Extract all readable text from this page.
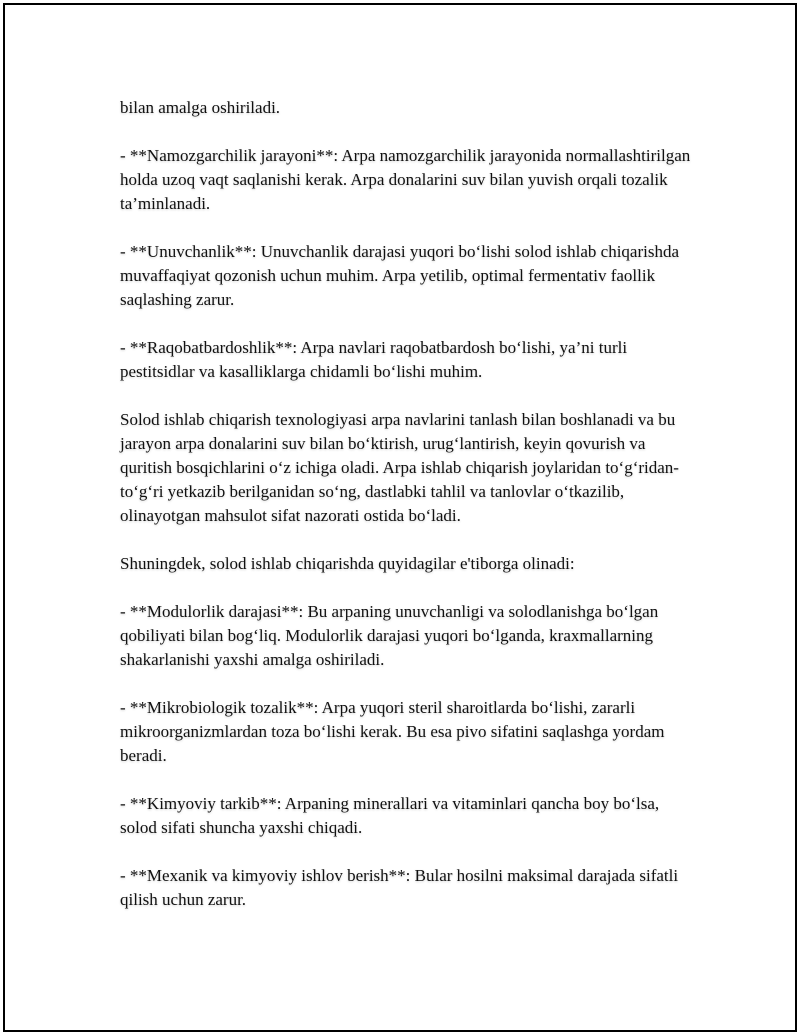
bilan amalga oshiriladi.

- **Namozgarchilik jarayoni**: Arpa namozgarchilik jarayonida normallashtirilgan holda uzoq vaqt saqlanishi kerak. Arpa donalarini suv bilan yuvish orqali tozalik ta’minlanadi.

- **Unuvchanlik**: Unuvchanlik darajasi yuqori bo‘lishi solod ishlab chiqarishda muvaffaqiyat qozonish uchun muhim. Arpa yetilib, optimal fermentativ faollik saqlashing zarur.

- **Raqobatbardoshlik**: Arpa navlari raqobatbardosh bo‘lishi, ya’ni turli pestitsidlar va kasalliklarga chidamli bo‘lishi muhim.

Solod ishlab chiqarish texnologiyasi arpa navlarini tanlash bilan boshlanadi va bu jarayon arpa donalarini suv bilan bo‘ktirish, urug‘lantirish, keyin qovurish va quritish bosqichlarini o‘z ichiga oladi. Arpa ishlab chiqarish joylaridan to‘g‘ridan-to‘g‘ri yetkazib berilganidan so‘ng, dastlabki tahlil va tanlovlar o‘tkazilib, olinayotgan mahsulot sifat nazorati ostida bo‘ladi.

Shuningdek, solod ishlab chiqarishda quyidagilar e'tiborga olinadi:

- **Modulorlik darajasi**: Bu arpaning unuvchanligi va solodlanishga bo‘lgan qobiliyati bilan bog‘liq. Modulorlik darajasi yuqori bo‘lganda, kraxmallarning shakarlanishi yaxshi amalga oshiriladi.

- **Mikrobiologik tozalik**: Arpa yuqori steril sharoitlarda bo‘lishi, zararli mikroorganizmlardan toza bo‘lishi kerak. Bu esa pivo sifatini saqlashga yordam beradi.

- **Kimyoviy tarkib**: Arpaning minerallari va vitaminlari qancha boy bo‘lsa, solod sifati shuncha yaxshi chiqadi.

- **Mexanik va kimyoviy ishlov berish**: Bular hosilni maksimal darajada sifatli qilish uchun zarur.
